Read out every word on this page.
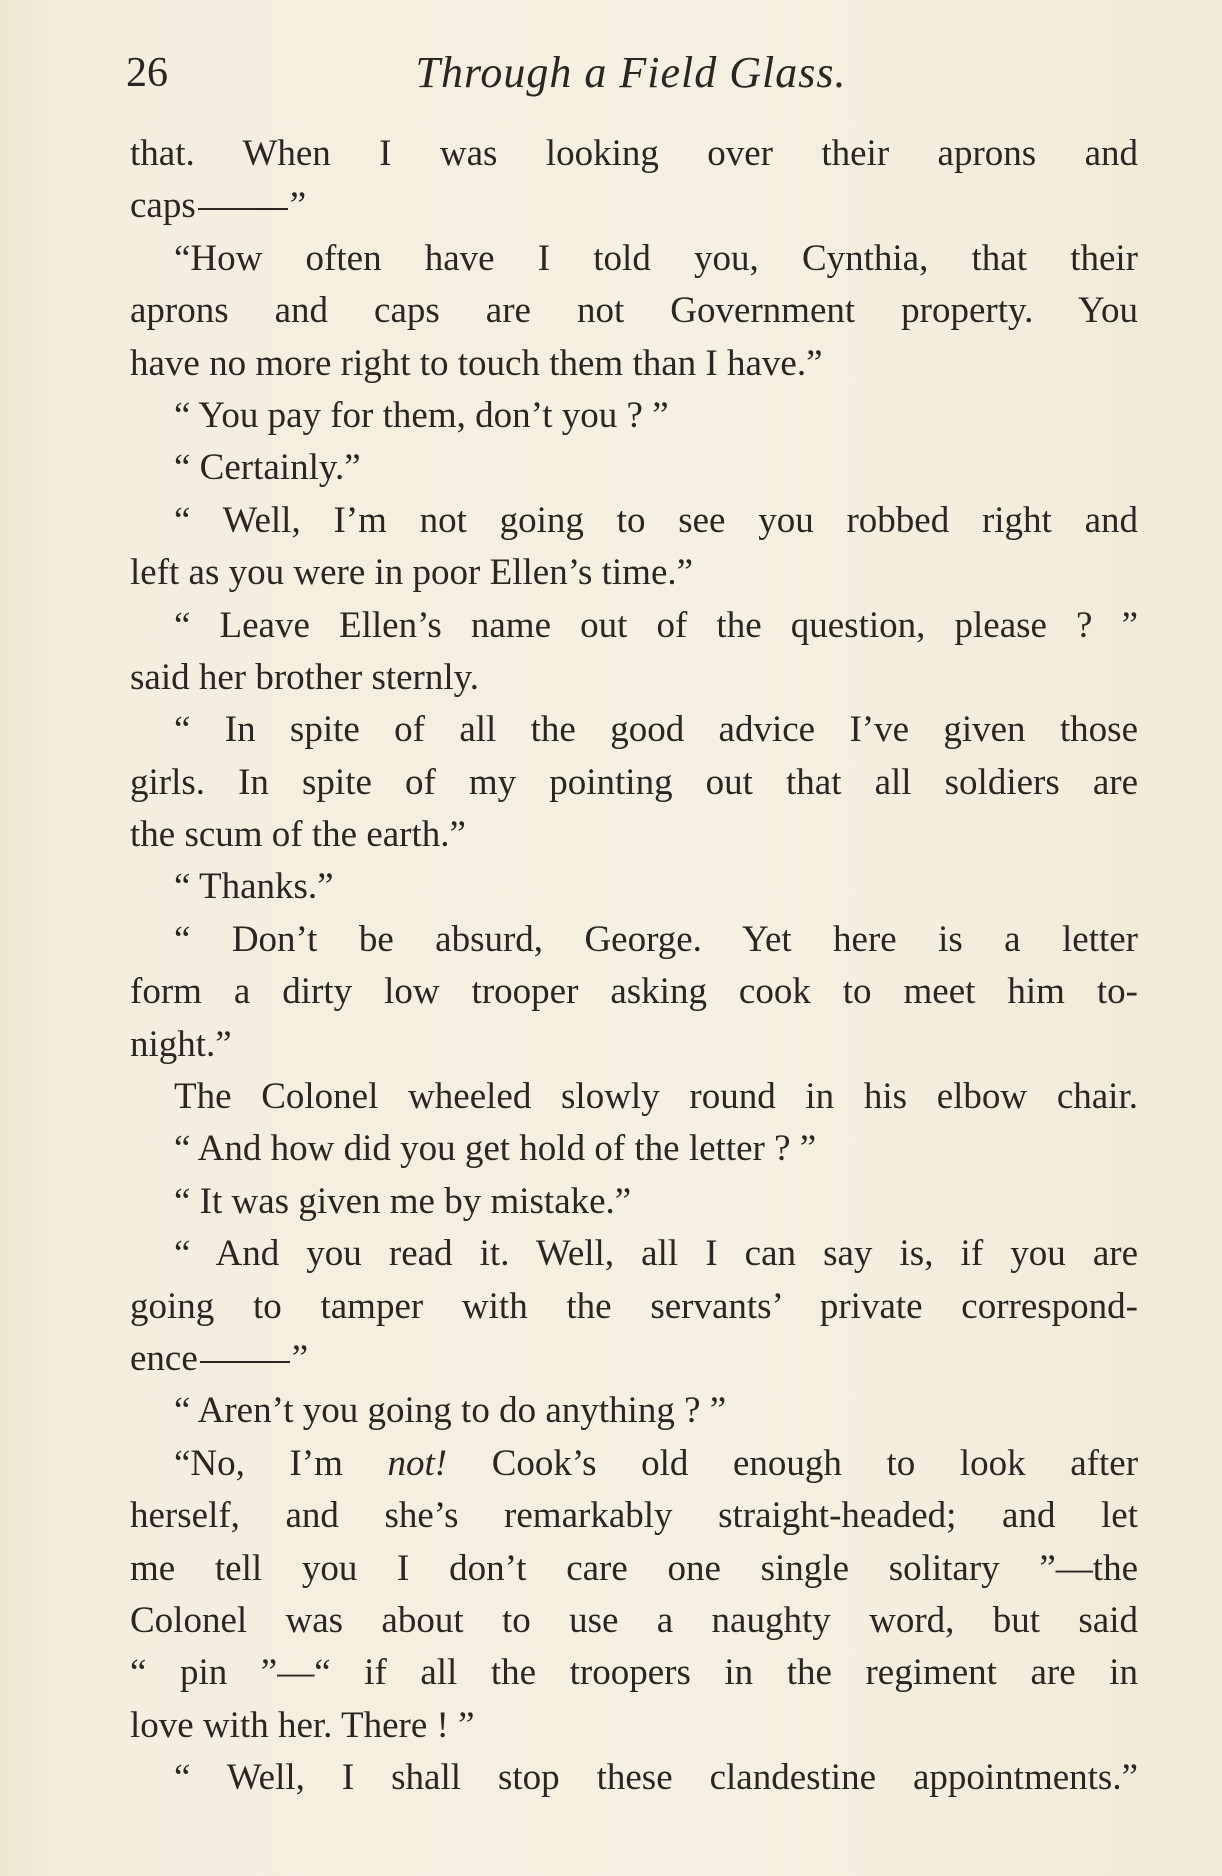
26	Through a Field Glass.
that. When I was looking over their aprons and
caps	”
“How often have I told you, Cynthia, that their
aprons and caps are not Government property. You
have no more right to touch them than I have.”
“ You pay for them, don’t you ? ”
“ Certainly.”
“ Well, I’m not going to see you robbed right and
left as you were in poor Ellen’s time.”
“ Leave Ellen’s name out of the question, please ? ”
said her brother sternly.
“ In spite of all the good advice I’ve given those
girls. In spite of my pointing out that all soldiers are
the scum of the earth.”
“ Thanks.”
“ Don’t be absurd, George. Yet here is a letter
form a dirty low trooper asking cook to meet him to-
night.”
The Colonel wheeled slowly round in his elbow chair.
“ And how did you get hold of the letter ? ”
“ It was given me by mistake.”
“ And you read it. Well, all I can say is, if you are
going to tamper with the servants’ private correspond-
ence	”
“ Aren’t you going to do anything ? ”
“No, I’m not! Cook’s old enough to look after
herself, and she’s remarkably straight-headed; and let
me tell you I don’t care one single solitary ”—the
Colonel was about to use a naughty word, but said
“ pin ”—“ if all the troopers in the regiment are in
love with her. There ! ”
“ Well, I shall stop these clandestine appointments.”
